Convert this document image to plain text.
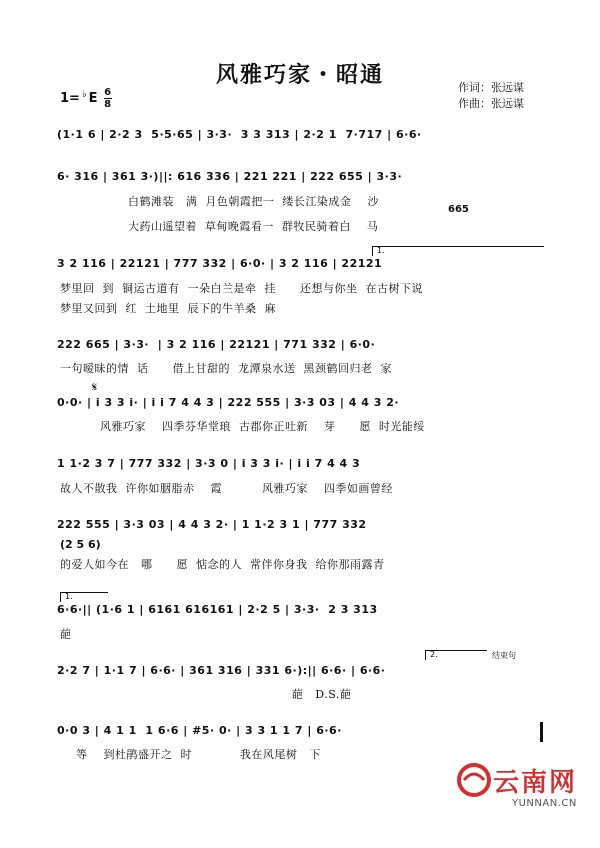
风雅巧家・昭通
1= ♭ E 6
8
作词：张远谋
作曲：张远谋
(1·1 6 | 2·2 3  5·5·65 | 3·3·  3 3 313 | 2·2 1  7·717 | 6·6·
6· 316 | 361 3·)||: 616 336 | 221 221 | 222 655 | 3·3·
665
白鹤滩装   满  月色朝霞把一  缕长江染成金    沙
大药山遥望着  草甸晚霞看一  群牧民骑着白    马
1.
3 2 116 | 22121 | 777 332 | 6·0· | 3 2 116 | 22121
梦里回  到  铜运古道有  一朵白兰是牵  挂      还想与你坐  在古树下说
梦里又回到  红  土地里  辰下的牛羊桑  麻
222 665 | 3·3·  | 3 2 116 | 22121 | 771 332 | 6·0·
一句暧昧的情  话      借上甘甜的  龙潭泉水送  黑颈鹤回归老  家
𝄋
0·0· | i 3 3 i· | i i 7 4 4 3 | 222 555 | 3·3 03 | 4 4 3 2·
风雅巧家    四季芬华堂琅  古郡你正吐新    芽      愿  时光能绥
1 1·2 3 7 | 777 332 | 3·3 0 | i 3 3 i· | i i 7 4 4 3
故人不散我  许你如胭脂赤    霞          风雅巧家    四季如画曾经
222 555 | 3·3 03 | 4 4 3 2· | 1 1·2 3 1 | 777 332
(2 5 6)
的爱人如今在   哪      愿  惦念的人  常伴你身我  给你那雨露青
1.
6·6·|| (1·6 1 | 6161 616161 | 2·2 5 | 3·3·  2 3 313
葩
2.	结束句
2·2 7 | 1·1 7 | 6·6· | 361 316 | 331 6·):|| 6·6· | 6·6·
葩   D.S.葩
0·0 3 | 4 1 1  1 6·6 | #5· 0· | 3 3 1 1 7 | 6·6·
等    到杜鹃盛开之  时            我在风尾树   下
云南网
YUNNAN.CN
